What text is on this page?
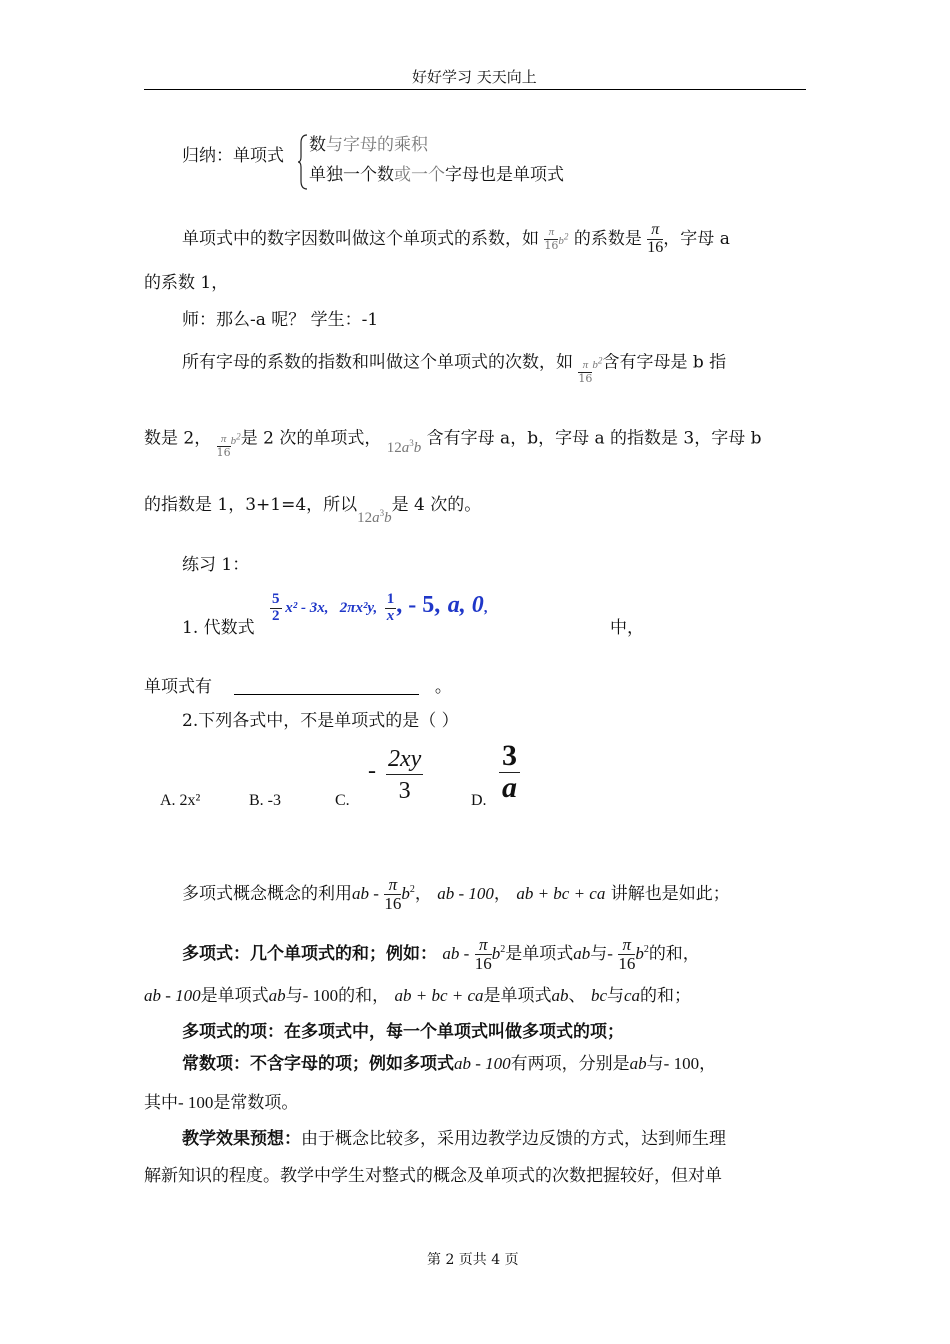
好好学习 天天向上
归纳：单项式
数与字母的乘积
单独一个数或一个字母也是单项式
单项式中的数字因数叫做这个单项式的系数，如 $\frac{\pi}{16} b^2$ 的系数是 $\frac{\pi}{16}$ ，字母 a
的系数 1，
师：那么-a 呢？ 学生：-1
所有字母的系数的指数和叫做这个单项式的次数，如 $\frac{\pi}{16} b^2$含有字母是 b 指
数是 2， $\frac{\pi}{16} b^2$是 2 次的单项式， $12a^3b$ 含有字母 a，b，字母 a 的指数是 3，字母 b
的指数是 1，3+1=4，所以$12a^3b$是 4 次的。
练习 1：
1. 代数式
$\frac{5}{2} x^2 - 3x$, 2πx²y, $\frac{1}{x}$ , - 5, a, 0,
中，
单项式有	。
2.下列各式中，不是单项式的是（ ）
A. 2x²	B. -3	C.
- $\frac{2xy}{3}$	D. $\frac{3}{a}$
多项式概念概念的利用ab - $\frac{\pi}{16} b^2$， ab - 100， ab + bc + ca 讲解也是如此；
多项式：几个单项式的和；例如： ab - $\frac{\pi}{16} b^2$是单项式ab与- $\frac{\pi}{16} b^2$的和，
ab - 100是单项式ab与- 100的和， ab + bc + ca是单项式ab、 bc与ca的和；
多项式的项：在多项式中，每一个单项式叫做多项式的项；
常数项：不含字母的项；例如多项式ab - 100有两项，分别是ab与- 100，
其中- 100是常数项。
教学效果预想：由于概念比较多，采用边教学边反馈的方式，达到师生理
解新知识的程度。教学中学生对整式的概念及单项式的次数把握较好，但对单
第 2 页共 4 页
